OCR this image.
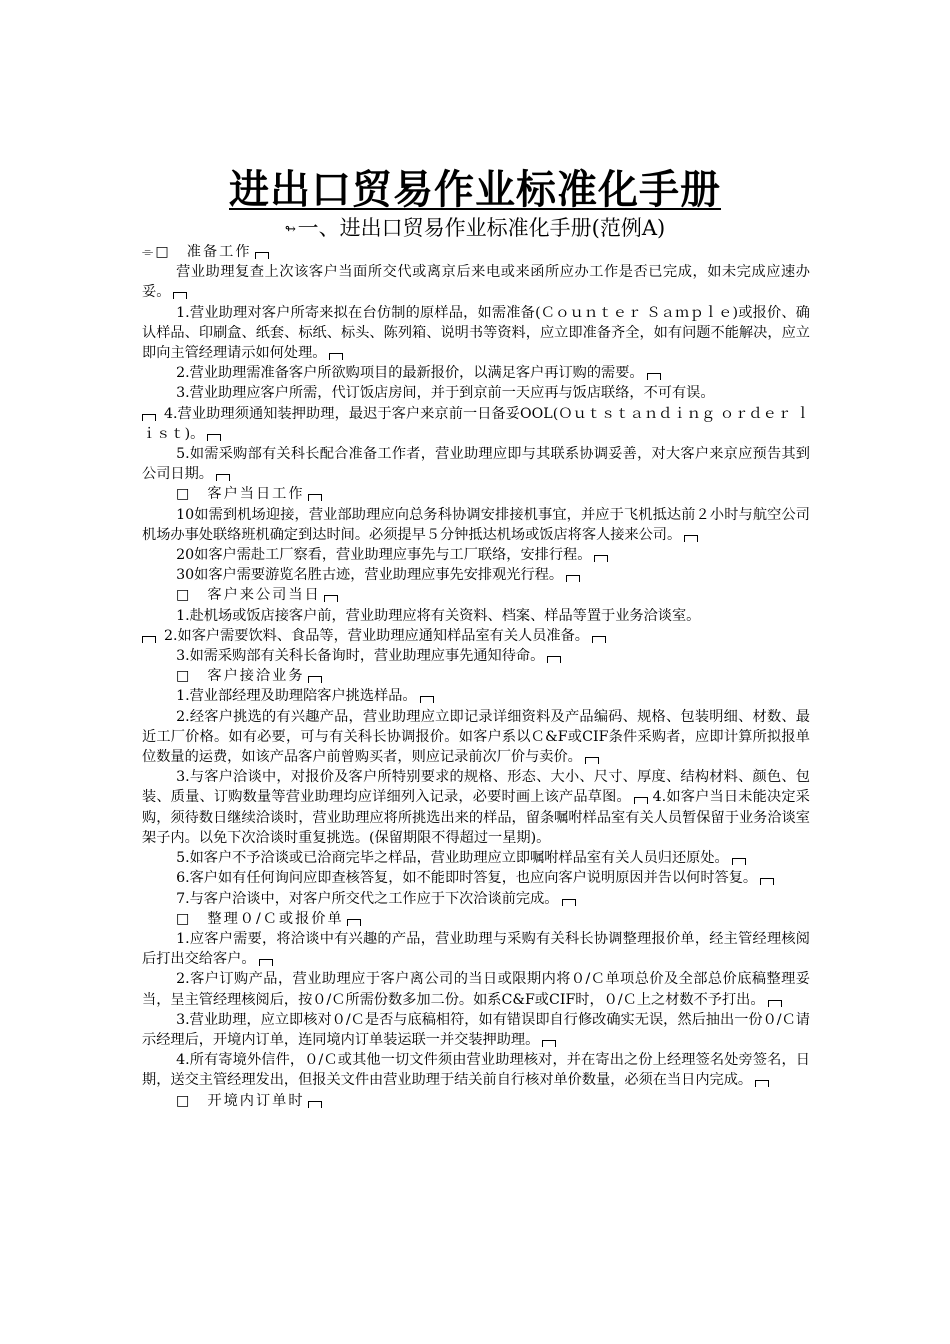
进出口贸易作业标准化手册
↬一、进出口贸易作业标准化手册(范例A)

⌯□ 准备工作

营业助理复查上次该客户当面所交代或离京后来电或来函所应办工作是否已完成，如未完成应速办妥。

1.营业助理对客户所寄来拟在台仿制的原样品，如需准备(Ｃｏｕｎｔｅｒ Ｓａｍｐｌｅ)或报价、确认样品、印刷盒、纸套、标纸、标头、陈列箱、说明书等资料，应立即准备齐全，如有问题不能解决，应立即向主管经理请示如何处理。

2.营业助理需准备客户所欲购项目的最新报价，以满足客户再订购的需要。

3.营业助理应客户所需，代订饭店房间，并于到京前一天应再与饭店联络，不可有误。

4.营业助理须通知装押助理，最迟于客户来京前一日备妥OOL(Ｏｕｔｓｔａｎｄｉｎｇ ｏｒｄｅｒ ｌｉｓｔ)。

5.如需采购部有关科长配合准备工作者，营业助理应即与其联系协调妥善，对大客户来京应预告其到公司日期。

□ 客户当日工作

10如需到机场迎接，营业部助理应向总务科协调安排接机事宜，并应于飞机抵达前２小时与航空公司机场办事处联络班机确定到达时间。必须提早５分钟抵达机场或饭店将客人接来公司。

20如客户需赴工厂察看，营业助理应事先与工厂联络，安排行程。

30如客户需要游览名胜古迹，营业助理应事先安排观光行程。

□ 客户来公司当日

1.赴机场或饭店接客户前，营业助理应将有关资料、档案、样品等置于业务洽谈室。

2.如客户需要饮料、食品等，营业助理应通知样品室有关人员准备。

3.如需采购部有关科长备询时，营业助理应事先通知待命。

□ 客户接洽业务

1.营业部经理及助理陪客户挑选样品。

2.经客户挑选的有兴趣产品，营业助理应立即记录详细资料及产品编码、规格、包装明细、材数、最近工厂价格。如有必要，可与有关科长协调报价。如客户系以Ｃ&F或CIF条件采购者，应即计算所拟报单位数量的运费，如该产品客户前曾购买者，则应记录前次厂价与卖价。

3.与客户洽谈中，对报价及客户所特别要求的规格、形态、大小、尺寸、厚度、结构材料、颜色、包装、质量、订购数量等营业助理均应详细列入记录，必要时画上该产品草图。 4.如客户当日未能决定采购，须待数日继续洽谈时，营业助理应将所挑选出来的样品，留条嘱咐样品室有关人员暂保留于业务洽谈室架子内。以免下次洽谈时重复挑选。(保留期限不得超过一星期)。

5.如客户不予洽谈或已洽商完毕之样品，营业助理应立即嘱咐样品室有关人员归还原处。

6.客户如有任何询问应即查核答复，如不能即时答复，也应向客户说明原因并告以何时答复。

7.与客户洽谈中，对客户所交代之工作应于下次洽谈前完成。

□ 整理０/Ｃ或报价单

1.应客户需要，将洽谈中有兴趣的产品，营业助理与采购有关科长协调整理报价单，经主管经理核阅后打出交给客户。

2.客户订购产品，营业助理应于客户离公司的当日或限期内将０/Ｃ单项总价及全部总价底稿整理妥当，呈主管经理核阅后，按０/Ｃ所需份数多加二份。如系C&F或CIF时，０/Ｃ上之材数不予打出。

3.营业助理，应立即核对０/Ｃ是否与底稿相符，如有错误即自行修改确实无误，然后抽出一份０/Ｃ请示经理后，开境内订单，连同境内订单装运联一并交装押助理。

4.所有寄境外信件，０/Ｃ或其他一切文件须由营业助理核对，并在寄出之份上经理签名处旁签名，日期，送交主管经理发出，但报关文件由营业助理于结关前自行核对单价数量，必须在当日内完成。

□ 开境内订单时
